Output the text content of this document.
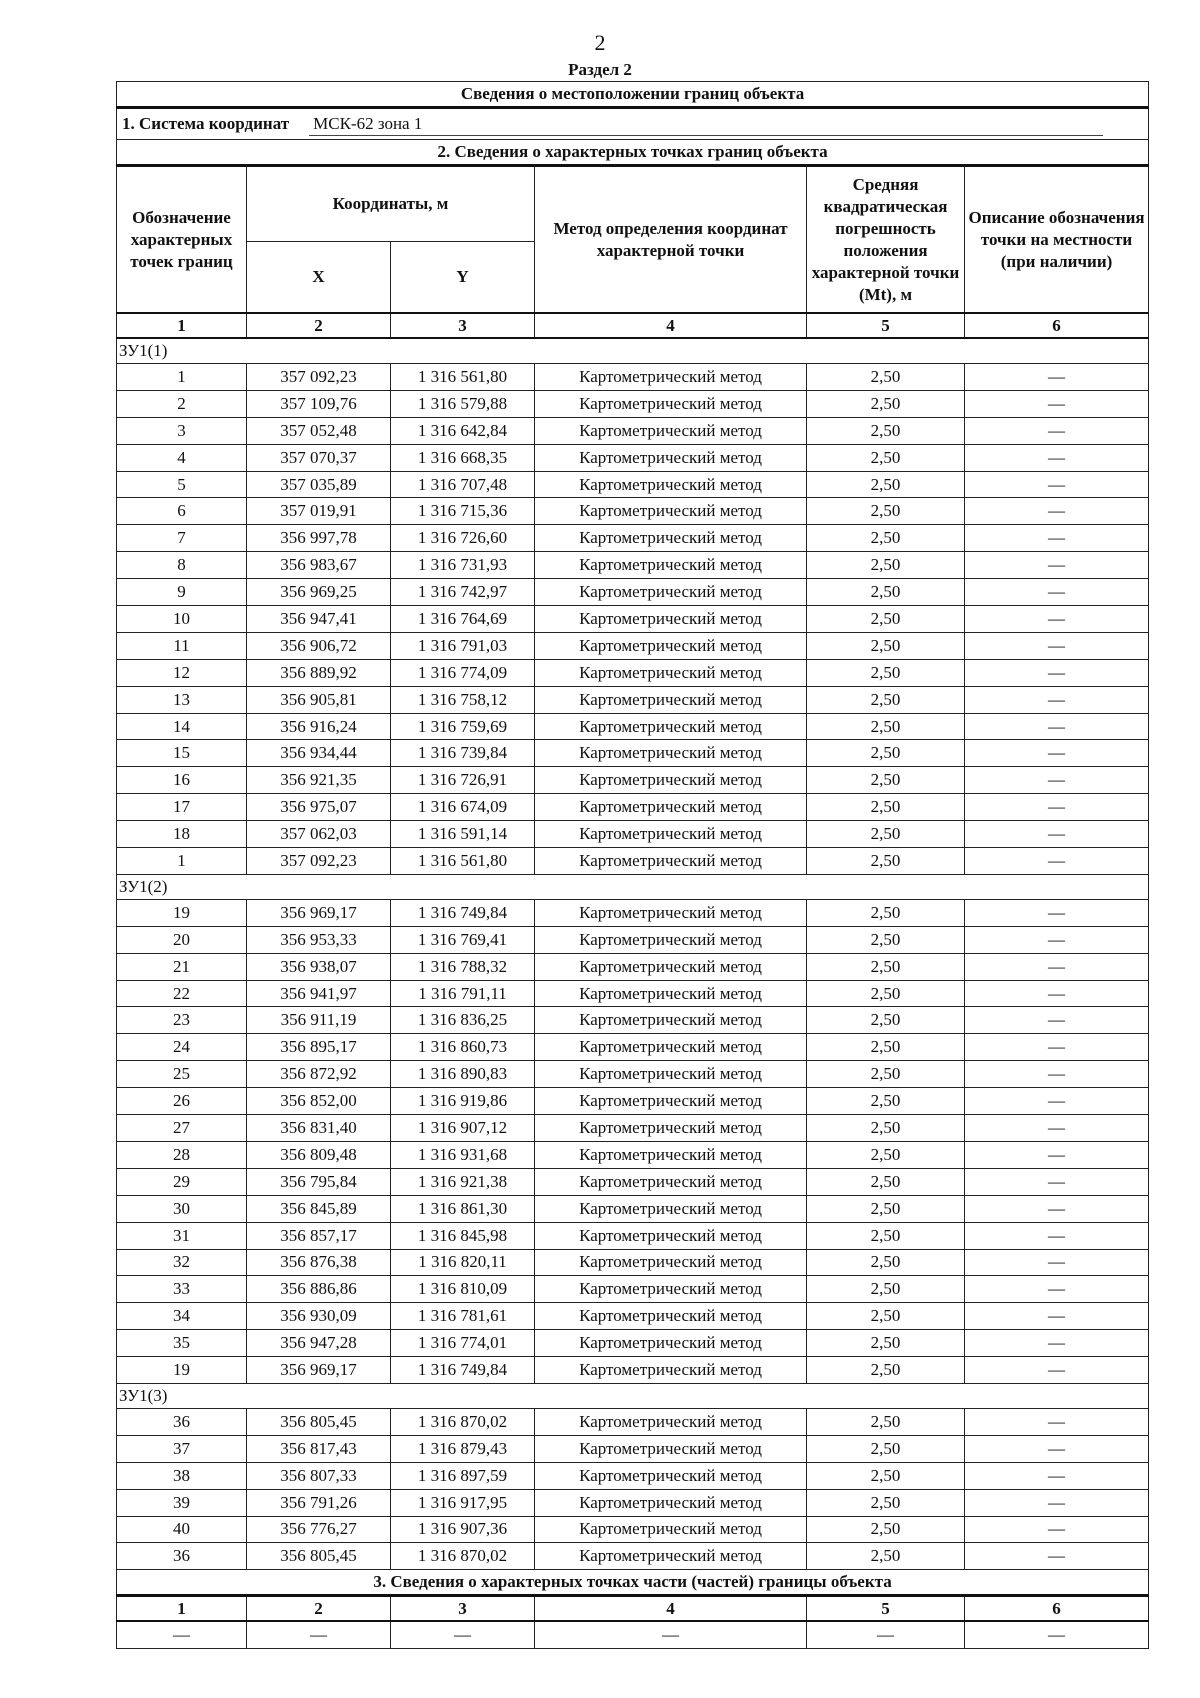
2
Раздел 2
Сведения о местоположении границ объекта					
1. Система координат МСК-62 зона 1					
2. Сведения о характерных точках границ объекта					
Обозначение характерных точек границ	Координаты, м		Метод определения координат характерной точки	Средняя квадратическая погрешность положения характерной точки (Mt), м	Описание обозначения точки на местности (при наличии)
	X	Y			
1	2	3	4	5	6
ЗУ1(1)					
1	357 092,23	1 316 561,80	Картометрический метод	2,50	—
2	357 109,76	1 316 579,88	Картометрический метод	2,50	—
3	357 052,48	1 316 642,84	Картометрический метод	2,50	—
4	357 070,37	1 316 668,35	Картометрический метод	2,50	—
5	357 035,89	1 316 707,48	Картометрический метод	2,50	—
6	357 019,91	1 316 715,36	Картометрический метод	2,50	—
7	356 997,78	1 316 726,60	Картометрический метод	2,50	—
8	356 983,67	1 316 731,93	Картометрический метод	2,50	—
9	356 969,25	1 316 742,97	Картометрический метод	2,50	—
10	356 947,41	1 316 764,69	Картометрический метод	2,50	—
11	356 906,72	1 316 791,03	Картометрический метод	2,50	—
12	356 889,92	1 316 774,09	Картометрический метод	2,50	—
13	356 905,81	1 316 758,12	Картометрический метод	2,50	—
14	356 916,24	1 316 759,69	Картометрический метод	2,50	—
15	356 934,44	1 316 739,84	Картометрический метод	2,50	—
16	356 921,35	1 316 726,91	Картометрический метод	2,50	—
17	356 975,07	1 316 674,09	Картометрический метод	2,50	—
18	357 062,03	1 316 591,14	Картометрический метод	2,50	—
1	357 092,23	1 316 561,80	Картометрический метод	2,50	—
ЗУ1(2)					
19	356 969,17	1 316 749,84	Картометрический метод	2,50	—
20	356 953,33	1 316 769,41	Картометрический метод	2,50	—
21	356 938,07	1 316 788,32	Картометрический метод	2,50	—
22	356 941,97	1 316 791,11	Картометрический метод	2,50	—
23	356 911,19	1 316 836,25	Картометрический метод	2,50	—
24	356 895,17	1 316 860,73	Картометрический метод	2,50	—
25	356 872,92	1 316 890,83	Картометрический метод	2,50	—
26	356 852,00	1 316 919,86	Картометрический метод	2,50	—
27	356 831,40	1 316 907,12	Картометрический метод	2,50	—
28	356 809,48	1 316 931,68	Картометрический метод	2,50	—
29	356 795,84	1 316 921,38	Картометрический метод	2,50	—
30	356 845,89	1 316 861,30	Картометрический метод	2,50	—
31	356 857,17	1 316 845,98	Картометрический метод	2,50	—
32	356 876,38	1 316 820,11	Картометрический метод	2,50	—
33	356 886,86	1 316 810,09	Картометрический метод	2,50	—
34	356 930,09	1 316 781,61	Картометрический метод	2,50	—
35	356 947,28	1 316 774,01	Картометрический метод	2,50	—
19	356 969,17	1 316 749,84	Картометрический метод	2,50	—
ЗУ1(3)					
36	356 805,45	1 316 870,02	Картометрический метод	2,50	—
37	356 817,43	1 316 879,43	Картометрический метод	2,50	—
38	356 807,33	1 316 897,59	Картометрический метод	2,50	—
39	356 791,26	1 316 917,95	Картометрический метод	2,50	—
40	356 776,27	1 316 907,36	Картометрический метод	2,50	—
36	356 805,45	1 316 870,02	Картометрический метод	2,50	—
3. Сведения о характерных точках части (частей) границы объекта					
1	2	3	4	5	6
—	—	—	—	—	—
